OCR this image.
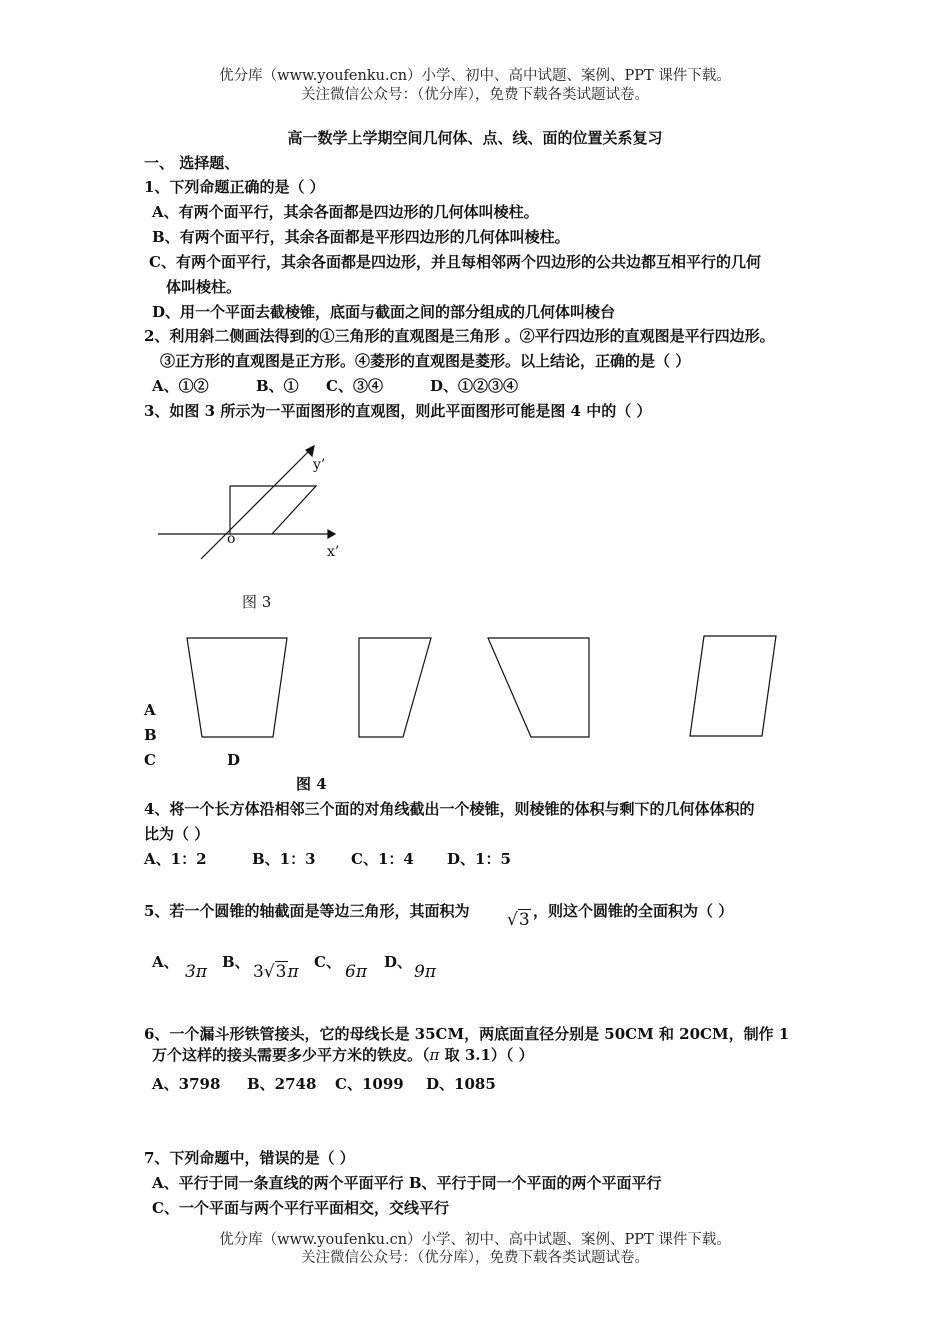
优分库（www.youfenku.cn）小学、初中、高中试题、案例、PPT 课件下载。
关注微信公众号：（优分库），免费下载各类试题试卷。
高一数学上学期空间几何体、点、线、面的位置关系复习
一、 选择题、
1、下列命题正确的是（ ）
A、有两个面平行，其余各面都是四边形的几何体叫棱柱。
B、有两个面平行，其余各面都是平形四边形的几何体叫棱柱。
C、有两个面平行，其余各面都是四边形，并且每相邻两个四边形的公共边都互相平行的几何
体叫棱柱。
D、用一个平面去截棱锥，底面与截面之间的部分组成的几何体叫棱台
2、利用斜二侧画法得到的①三角形的直观图是三角形 。②平行四边形的直观图是平行四边形。
③正方形的直观图是正方形。④菱形的直观图是菱形。以上结论，正确的是（ ）
A、①②	B、① C、③④	D、①②③④
3、如图 3 所示为一平面图形的直观图，则此平面图形可能是图 4 中的（ ）
y’
x’
o
图 3
A
B
C	D
图 4
4、将一个长方体沿相邻三个面的对角线截出一个棱锥，则棱锥的体积与剩下的几何体体积的
比为（ ）
A、1：2	B、1：3 C、1：4 D、1：5
5、若一个圆锥的轴截面是等边三角形，其面积为 √3 ，则这个圆锥的全面积为（ ）
A、 3π B、 3√3π C、 6π D、 9π
6、一个漏斗形铁管接头，它的母线长是 35CM，两底面直径分别是 50CM 和 20CM，制作 1
万个这样的接头需要多少平方米的铁皮。（π 取 3.1）（ ）
A、3798 B、2748 C、1099 D、1085
7、下列命题中，错误的是（ ）
A、平行于同一条直线的两个平面平行 B、平行于同一个平面的两个平面平行
C、一个平面与两个平行平面相交，交线平行
优分库（www.youfenku.cn）小学、初中、高中试题、案例、PPT 课件下载。
关注微信公众号：（优分库），免费下载各类试题试卷。
